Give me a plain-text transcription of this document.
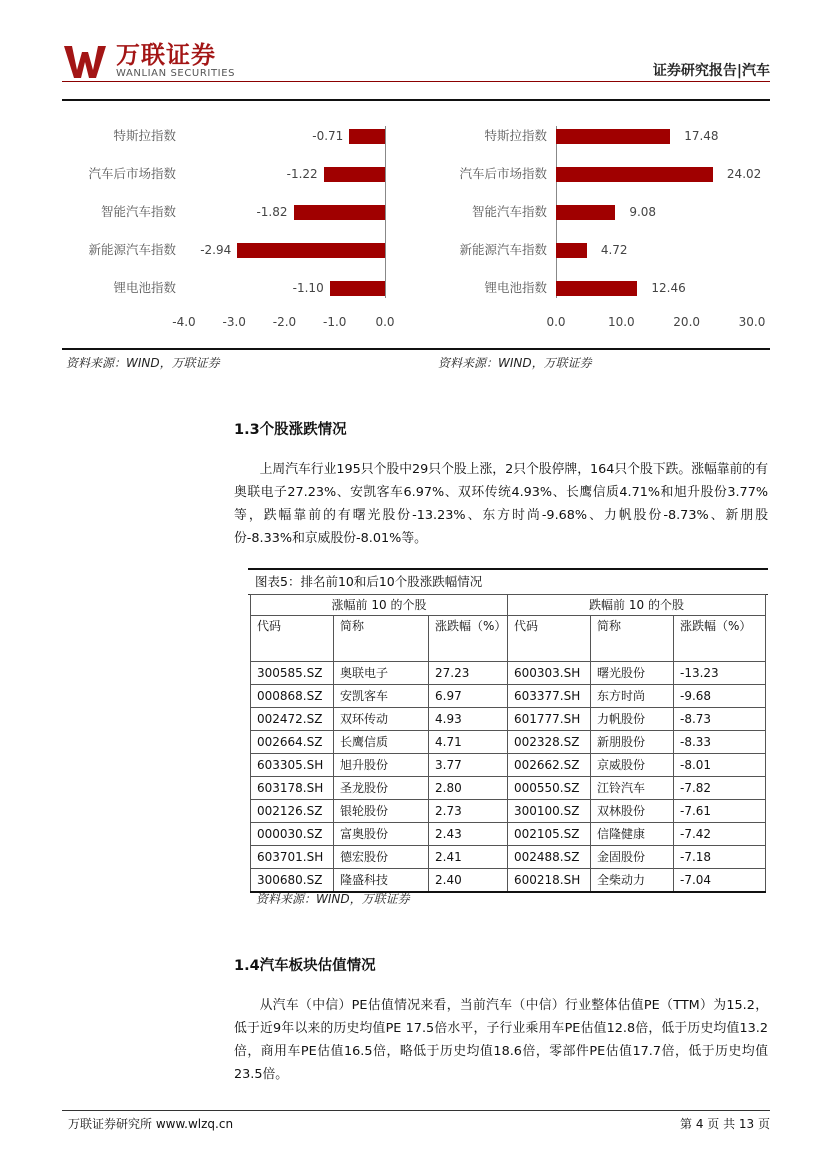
万联证券
WANLIAN SECURITIES	证券研究报告|汽车
资料来源：WIND，万联证券	资料来源：WIND，万联证券
1.3个股涨跌情况
上周汽车行业195只个股中29只个股上涨，2只个股停牌，164只个股下跌。涨幅靠前的有奥联电子27.23%、安凯客车6.97%、双环传统4.93%、长鹰信质4.71%和旭升股份3.77%等，跌幅靠前的有曙光股份-13.23%、东方时尚-9.68%、力帆股份-8.73%、新朋股份-8.33%和京威股份-8.01%等。
图表5：排名前10和后10个股涨跌幅情况
涨幅前 10 的个股			跌幅前 10 的个股		
代码	简称	涨跌幅（%）	代码	简称	涨跌幅（%）
300585.SZ	奥联电子	27.23	600303.SH	曙光股份	-13.23
000868.SZ	安凯客车	6.97	603377.SH	东方时尚	-9.68
002472.SZ	双环传动	4.93	601777.SH	力帆股份	-8.73
002664.SZ	长鹰信质	4.71	002328.SZ	新朋股份	-8.33
603305.SH	旭升股份	3.77	002662.SZ	京威股份	-8.01
603178.SH	圣龙股份	2.80	000550.SZ	江铃汽车	-7.82
002126.SZ	银轮股份	2.73	300100.SZ	双林股份	-7.61
000030.SZ	富奥股份	2.43	002105.SZ	信隆健康	-7.42
603701.SH	德宏股份	2.41	002488.SZ	金固股份	-7.18
300680.SZ	隆盛科技	2.40	600218.SH	全柴动力	-7.04
资料来源：WIND，万联证券
1.4汽车板块估值情况
从汽车（中信）PE估值情况来看，当前汽车（中信）行业整体估值PE（TTM）为15.2，低于近9年以来的历史均值PE 17.5倍水平，子行业乘用车PE估值12.8倍，低于历史均值13.2倍，商用车PE估值16.5倍，略低于历史均值18.6倍，零部件PE估值17.7倍，低于历史均值23.5倍。
万联证券研究所 www.wlzq.cn	第 4 页 共 13 页
特斯拉指数	-0.71
汽车后市场指数	-1.22
智能汽车指数	-1.82
新能源汽车指数	-2.94
锂电池指数	-1.10
-4.0	-3.0	-2.0	-1.0	0.0
特斯拉指数	17.48
汽车后市场指数	24.02
智能汽车指数	9.08
新能源汽车指数	4.72
锂电池指数	12.46
0.0	10.0	20.0	30.0
